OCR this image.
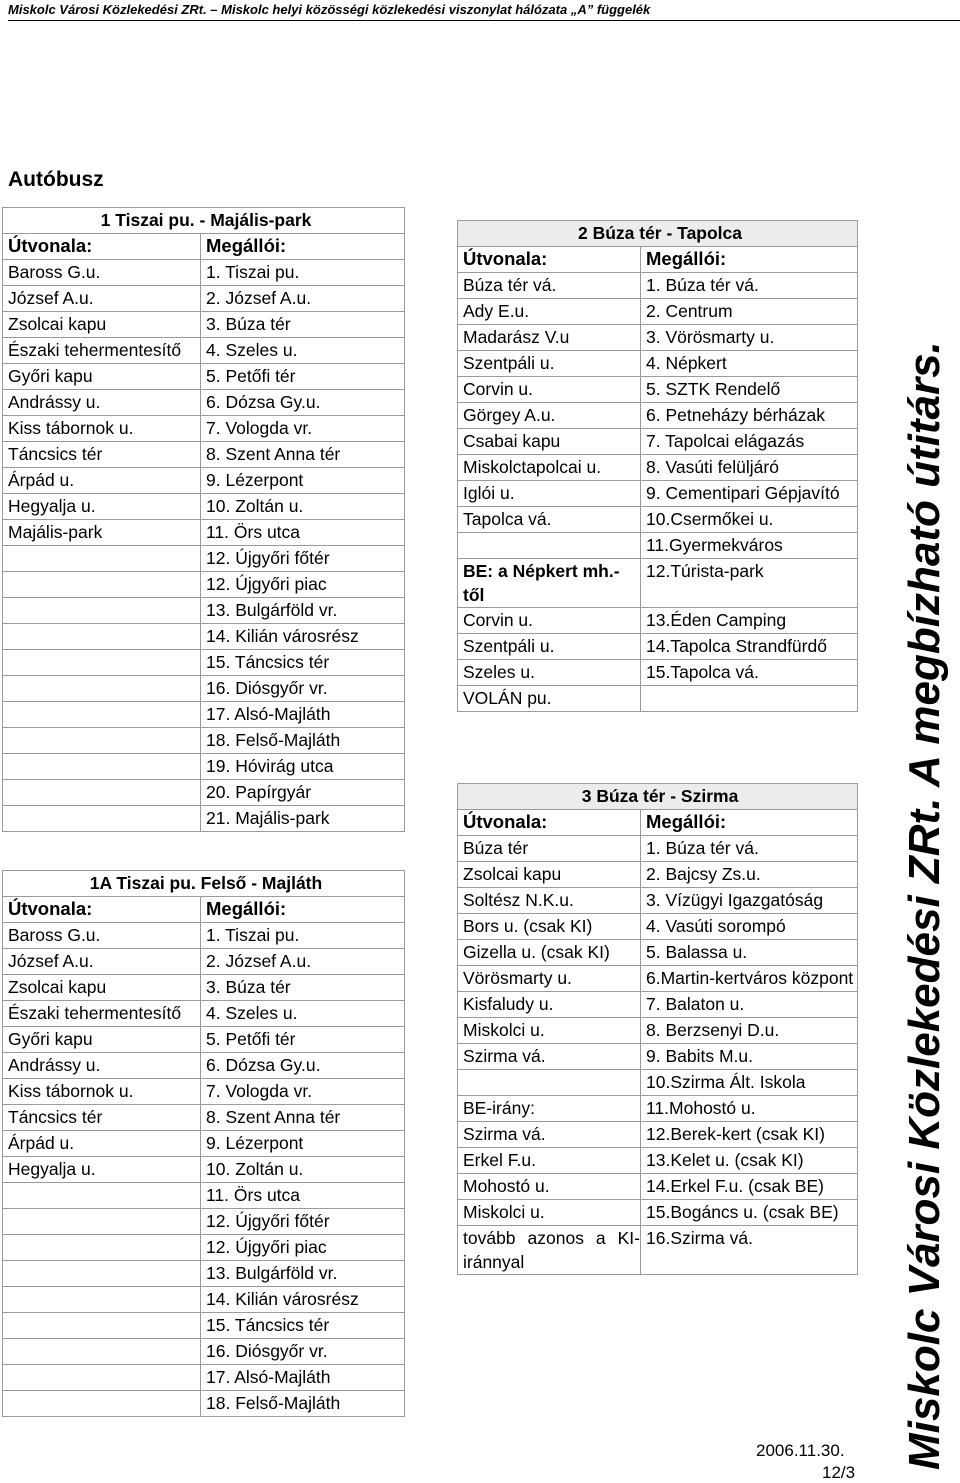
Miskolc Városi Közlekedési ZRt. – Miskolc helyi közösségi közlekedési viszonylat hálózata „A” függelék
Autóbusz
1 Tiszai pu. - Majális-park	
Útvonala:	Megállói:
Baross G.u.	1. Tiszai pu.
József A.u.	2. József A.u.
Zsolcai kapu	3. Búza tér
Északi tehermentesítő	4. Szeles u.
Győri kapu	5. Petőfi tér
Andrássy u.	6. Dózsa Gy.u.
Kiss tábornok u.	7. Vologda vr.
Táncsics tér	8. Szent Anna tér
Árpád u.	9. Lézerpont
Hegyalja u.	10. Zoltán u.
Majális-park	11. Örs utca
	12. Újgyőri főtér
	12. Újgyőri piac
	13. Bulgárföld vr.
	14. Kilián városrész
	15. Táncsics tér
	16. Diósgyőr vr.
	17. Alsó-Majláth
	18. Felső-Majláth
	19. Hóvirág utca
	20. Papírgyár
	21. Majális-park
1A Tiszai pu. Felső - Majláth	
Útvonala:	Megállói:
Baross G.u.	1. Tiszai pu.
József A.u.	2. József A.u.
Zsolcai kapu	3. Búza tér
Északi tehermentesítő	4. Szeles u.
Győri kapu	5. Petőfi tér
Andrássy u.	6. Dózsa Gy.u.
Kiss tábornok u.	7. Vologda vr.
Táncsics tér	8. Szent Anna tér
Árpád u.	9. Lézerpont
Hegyalja u.	10. Zoltán u.
	11. Örs utca
	12. Újgyőri főtér
	12. Újgyőri piac
	13. Bulgárföld vr.
	14. Kilián városrész
	15. Táncsics tér
	16. Diósgyőr vr.
	17. Alsó-Majláth
	18. Felső-Majláth
2 Búza tér - Tapolca	
Útvonala:	Megállói:
Búza tér vá.	1. Búza tér vá.
Ady E.u.	2. Centrum
Madarász V.u	3. Vörösmarty u.
Szentpáli u.	4. Népkert
Corvin u.	5. SZTK Rendelő
Görgey A.u.	6. Petneházy bérházak
Csabai kapu	7. Tapolcai elágazás
Miskolctapolcai u.	8. Vasúti felüljáró
Iglói u.	9. Cementipari Gépjavító
Tapolca vá.	10.Csermőkei u.
	11.Gyermekváros
BE: a Népkert mh.-től	12.Túrista-park
Corvin u.	13.Éden Camping
Szentpáli u.	14.Tapolca Strandfürdő
Szeles u.	15.Tapolca vá.
VOLÁN pu.	
3 Búza tér - Szirma	
Útvonala:	Megállói:
Búza tér	1. Búza tér vá.
Zsolcai kapu	2. Bajcsy Zs.u.
Soltész N.K.u.	3. Vízügyi Igazgatóság
Bors u. (csak KI)	4. Vasúti sorompó
Gizella u. (csak KI)	5. Balassa u.
Vörösmarty u.	6.Martin-kertváros központ
Kisfaludy u.	7. Balaton u.
Miskolci u.	8. Berzsenyi D.u.
Szirma vá.	9. Babits M.u.
	10.Szirma Ált. Iskola
BE-irány:	11.Mohostó u.
Szirma vá.	12.Berek-kert (csak KI)
Erkel F.u.	13.Kelet u. (csak KI)
Mohostó u.	14.Erkel F.u. (csak BE)
Miskolci u.	15.Bogáncs u. (csak BE)
tovább azonos a KI-iránnyal	16.Szirma vá.	Miskolc Városi Közlekedési ZRt. A megbízható útitárs.
2006.11.30.
12/3
